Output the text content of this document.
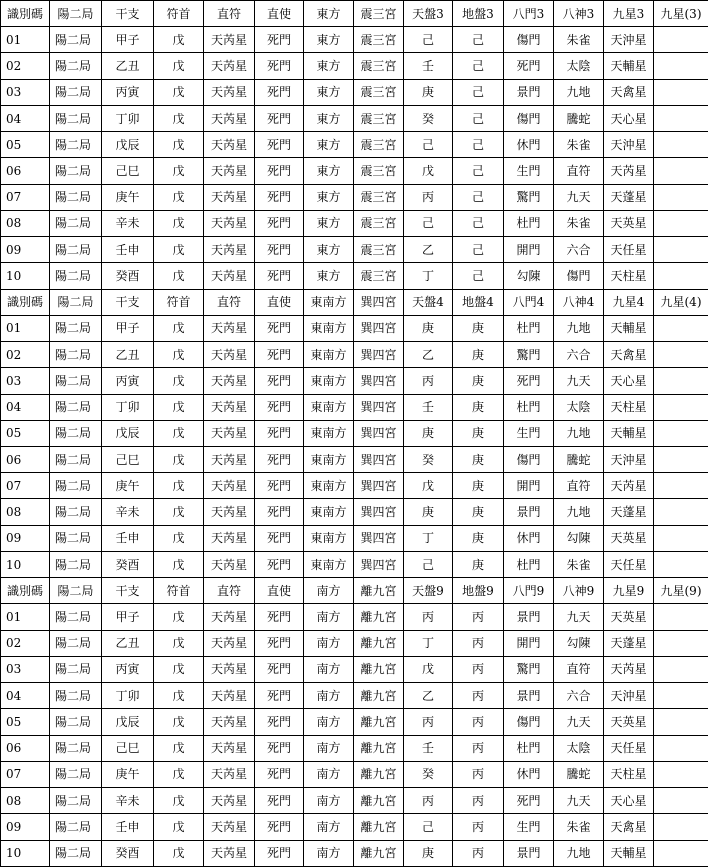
識別碼	陽二局	干支	符首	直符	直使	東方	震三宮	天盤3	地盤3	八門3	八神3	九星3	九星(3)
01	陽二局	甲子	戊	天芮星	死門	東方	震三宮	己	己	傷門	朱雀	天沖星	
02	陽二局	乙丑	戊	天芮星	死門	東方	震三宮	壬	己	死門	太陰	天輔星	
03	陽二局	丙寅	戊	天芮星	死門	東方	震三宮	庚	己	景門	九地	天禽星	
04	陽二局	丁卯	戊	天芮星	死門	東方	震三宮	癸	己	傷門	騰蛇	天心星	
05	陽二局	戊辰	戊	天芮星	死門	東方	震三宮	己	己	休門	朱雀	天沖星	
06	陽二局	己巳	戊	天芮星	死門	東方	震三宮	戊	己	生門	直符	天芮星	
07	陽二局	庚午	戊	天芮星	死門	東方	震三宮	丙	己	驚門	九天	天蓬星	
08	陽二局	辛未	戊	天芮星	死門	東方	震三宮	己	己	杜門	朱雀	天英星	
09	陽二局	壬申	戊	天芮星	死門	東方	震三宮	乙	己	開門	六合	天任星	
10	陽二局	癸酉	戊	天芮星	死門	東方	震三宮	丁	己	勾陳	傷門	天柱星	
識別碼	陽二局	干支	符首	直符	直使	東南方	巽四宮	天盤4	地盤4	八門4	八神4	九星4	九星(4)
01	陽二局	甲子	戊	天芮星	死門	東南方	巽四宮	庚	庚	杜門	九地	天輔星	
02	陽二局	乙丑	戊	天芮星	死門	東南方	巽四宮	乙	庚	驚門	六合	天禽星	
03	陽二局	丙寅	戊	天芮星	死門	東南方	巽四宮	丙	庚	死門	九天	天心星	
04	陽二局	丁卯	戊	天芮星	死門	東南方	巽四宮	壬	庚	杜門	太陰	天柱星	
05	陽二局	戊辰	戊	天芮星	死門	東南方	巽四宮	庚	庚	生門	九地	天輔星	
06	陽二局	己巳	戊	天芮星	死門	東南方	巽四宮	癸	庚	傷門	騰蛇	天沖星	
07	陽二局	庚午	戊	天芮星	死門	東南方	巽四宮	戊	庚	開門	直符	天芮星	
08	陽二局	辛未	戊	天芮星	死門	東南方	巽四宮	庚	庚	景門	九地	天蓬星	
09	陽二局	壬申	戊	天芮星	死門	東南方	巽四宮	丁	庚	休門	勾陳	天英星	
10	陽二局	癸酉	戊	天芮星	死門	東南方	巽四宮	己	庚	杜門	朱雀	天任星	
識別碼	陽二局	干支	符首	直符	直使	南方	離九宮	天盤9	地盤9	八門9	八神9	九星9	九星(9)
01	陽二局	甲子	戊	天芮星	死門	南方	離九宮	丙	丙	景門	九天	天英星	
02	陽二局	乙丑	戊	天芮星	死門	南方	離九宮	丁	丙	開門	勾陳	天蓬星	
03	陽二局	丙寅	戊	天芮星	死門	南方	離九宮	戊	丙	驚門	直符	天芮星	
04	陽二局	丁卯	戊	天芮星	死門	南方	離九宮	乙	丙	景門	六合	天沖星	
05	陽二局	戊辰	戊	天芮星	死門	南方	離九宮	丙	丙	傷門	九天	天英星	
06	陽二局	己巳	戊	天芮星	死門	南方	離九宮	壬	丙	杜門	太陰	天任星	
07	陽二局	庚午	戊	天芮星	死門	南方	離九宮	癸	丙	休門	騰蛇	天柱星	
08	陽二局	辛未	戊	天芮星	死門	南方	離九宮	丙	丙	死門	九天	天心星	
09	陽二局	壬申	戊	天芮星	死門	南方	離九宮	己	丙	生門	朱雀	天禽星	
10	陽二局	癸酉	戊	天芮星	死門	南方	離九宮	庚	丙	景門	九地	天輔星	
